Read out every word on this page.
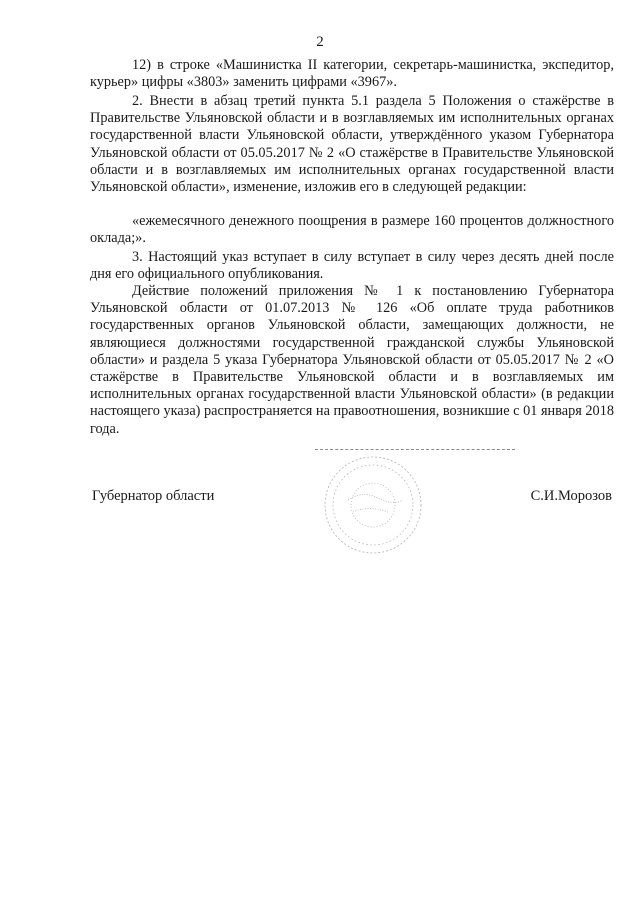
2

12) в строке «Машинистка II категории, секретарь-машинистка, экспедитор, курьер» цифры «3803» заменить цифрами «3967».

2. Внести в абзац третий пункта 5.1 раздела 5 Положения о стажёрстве в Правительстве Ульяновской области и в возглавляемых им исполнительных органах государственной власти Ульяновской области, утверждённого указом Губернатора Ульяновской области от 05.05.2017 № 2 «О стажёрстве в Правительстве Ульяновской области и в возглавляемых им исполнительных органах государственной власти Ульяновской области», изменение, изложив его в следующей редакции:

«ежемесячного денежного поощрения в размере 160 процентов должностного оклада;».

3. Настоящий указ вступает в силу вступает в силу через десять дней после дня его официального опубликования.

Действие положений приложения № 1 к постановлению Губернатора Ульяновской области от 01.07.2013 № 126 «Об оплате труда работников государственных органов Ульяновской области, замещающих должности, не являющиеся должностями государственной гражданской службы Ульяновской области» и раздела 5 указа Губернатора Ульяновской области от 05.05.2017 № 2 «О стажёрстве в Правительстве Ульяновской области и в возглавляемых им исполнительных органах государственной власти Ульяновской области» (в редакции настоящего указа) распространяется на правоотношения, возникшие с 01 января 2018 года.

Губернатор области	С.И.Морозов
